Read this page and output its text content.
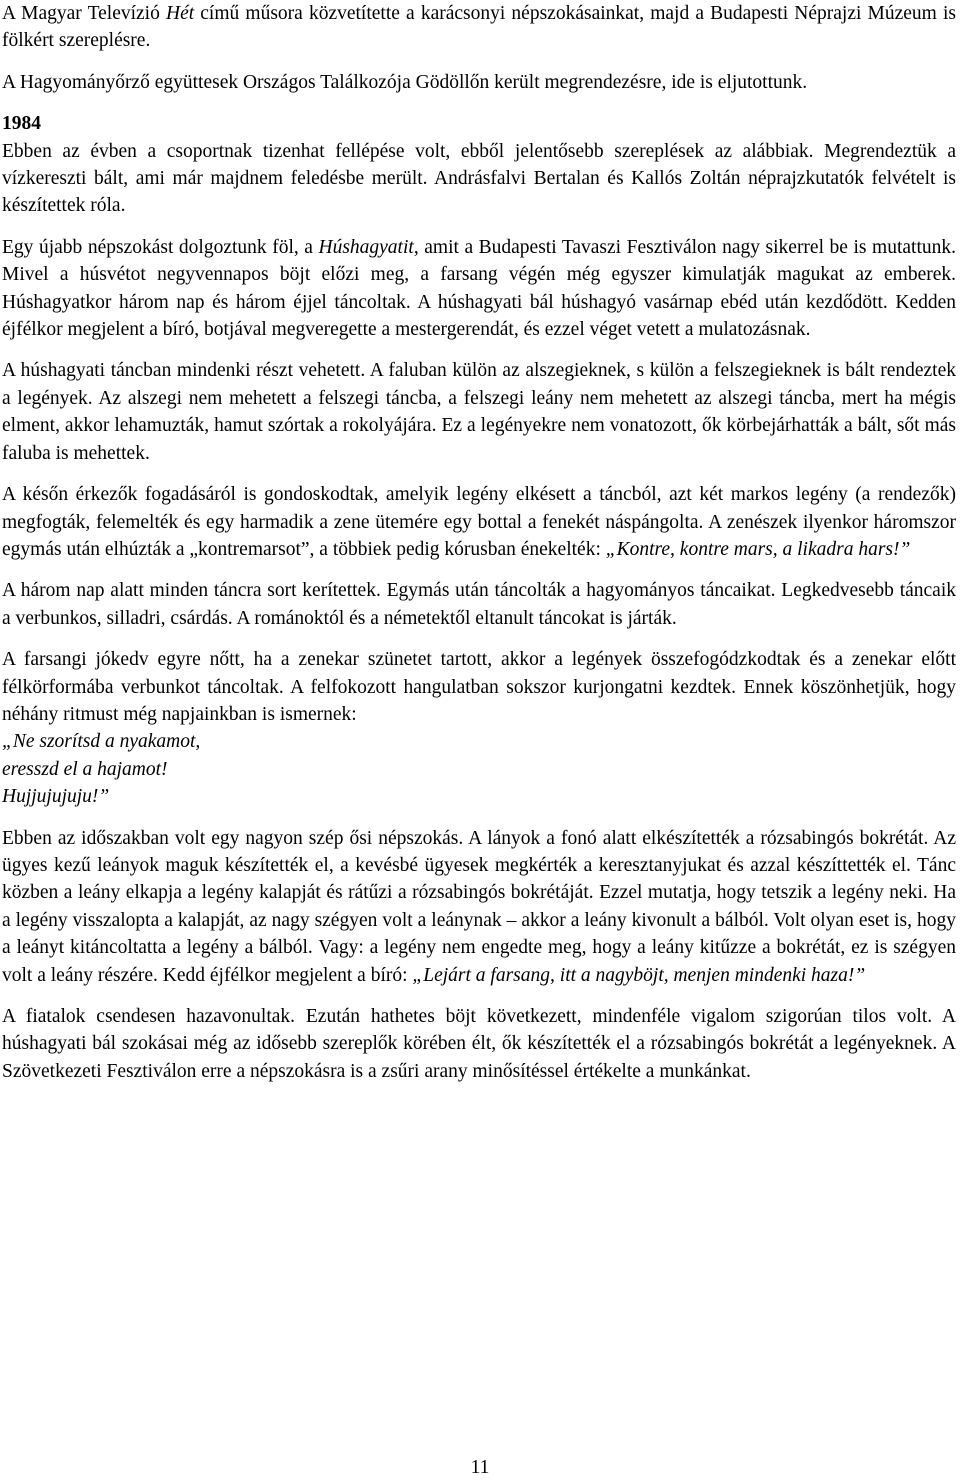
A Magyar Televízió Hét című műsora közvetítette a karácsonyi népszokásainkat, majd a Budapesti Néprajzi Múzeum is fölkért szereplésre.

A Hagyományőrző együttesek Országos Találkozója Gödöllőn került megrendezésre, ide is eljutottunk.

1984
Ebben az évben a csoportnak tizenhat fellépése volt, ebből jelentősebb szereplések az alábbiak. Megrendeztük a vízkereszti bált, ami már majdnem feledésbe merült. Andrásfalvi Bertalan és Kallós Zoltán néprajzkutatók felvételt is készítettek róla.

Egy újabb népszokást dolgoztunk föl, a Húshagyatit, amit a Budapesti Tavaszi Fesztiválon nagy sikerrel be is mutattunk. Mivel a húsvétot negyvennapos böjt előzi meg, a farsang végén még egyszer kimulatják magukat az emberek. Húshagyatkor három nap és három éjjel táncoltak. A húshagyati bál húshagyó vasárnap ebéd után kezdődött. Kedden éjfélkor megjelent a bíró, botjával megveregette a mestergerendát, és ezzel véget vetett a mulatozásnak.

A húshagyati táncban mindenki részt vehetett. A faluban külön az alszegieknek, s külön a felszegieknek is bált rendeztek a legények. Az alszegi nem mehetett a felszegi táncba, a felszegi leány nem mehetett az alszegi táncba, mert ha mégis elment, akkor lehamuzták, hamut szórtak a rokolyájára. Ez a legényekre nem vonatozott, ők körbejárhatták a bált, sőt más faluba is mehettek.

A későn érkezők fogadásáról is gondoskodtak, amelyik legény elkésett a táncból, azt két markos legény (a rendezők) megfogták, felemelték és egy harmadik a zene ütemére egy bottal a fenekét náspángolta. A zenészek ilyenkor háromszor egymás után elhúzták a „kontremarsot”, a többiek pedig kórusban énekelték: „Kontre, kontre mars, a likadra hars!”

A három nap alatt minden táncra sort kerítettek. Egymás után táncolták a hagyományos táncaikat. Legkedvesebb táncaik a verbunkos, silladri, csárdás. A románoktól és a németektől eltanult táncokat is járták.

A farsangi jókedv egyre nőtt, ha a zenekar szünetet tartott, akkor a legények összefogódzkodtak és a zenekar előtt félkörformába verbunkot táncoltak. A felfokozott hangulatban sokszor kurjongatni kezdtek. Ennek köszönhetjük, hogy néhány ritmust még napjainkban is ismernek:

„Ne szorítsd a nyakamot,
eresszd el a hajamot!
Hujjujujuju!”

Ebben az időszakban volt egy nagyon szép ősi népszokás. A lányok a fonó alatt elkészítették a rózsabingós bokrétát. Az ügyes kezű leányok maguk készítették el, a kevésbé ügyesek megkérték a keresztanyjukat és azzal készíttették el. Tánc közben a leány elkapja a legény kalapját és rátűzi a rózsabingós bokrétáját. Ezzel mutatja, hogy tetszik a legény neki. Ha a legény visszalopta a kalapját, az nagy szégyen volt a leánynak – akkor a leány kivonult a bálból. Volt olyan eset is, hogy a leányt kitáncoltatta a legény a bálból. Vagy: a legény nem engedte meg, hogy a leány kitűzze a bokrétát, ez is szégyen volt a leány részére. Kedd éjfélkor megjelent a bíró: „Lejárt a farsang, itt a nagyböjt, menjen mindenki haza!”

A fiatalok csendesen hazavonultak. Ezután hathetes böjt következett, mindenféle vigalom szigorúan tilos volt. A húshagyati bál szokásai még az idősebb szereplők körében élt, ők készítették el a rózsabingós bokrétát a legényeknek. A Szövetkezeti Fesztiválon erre a népszokásra is a zsűri arany minősítéssel értékelte a munkánkat.

11
